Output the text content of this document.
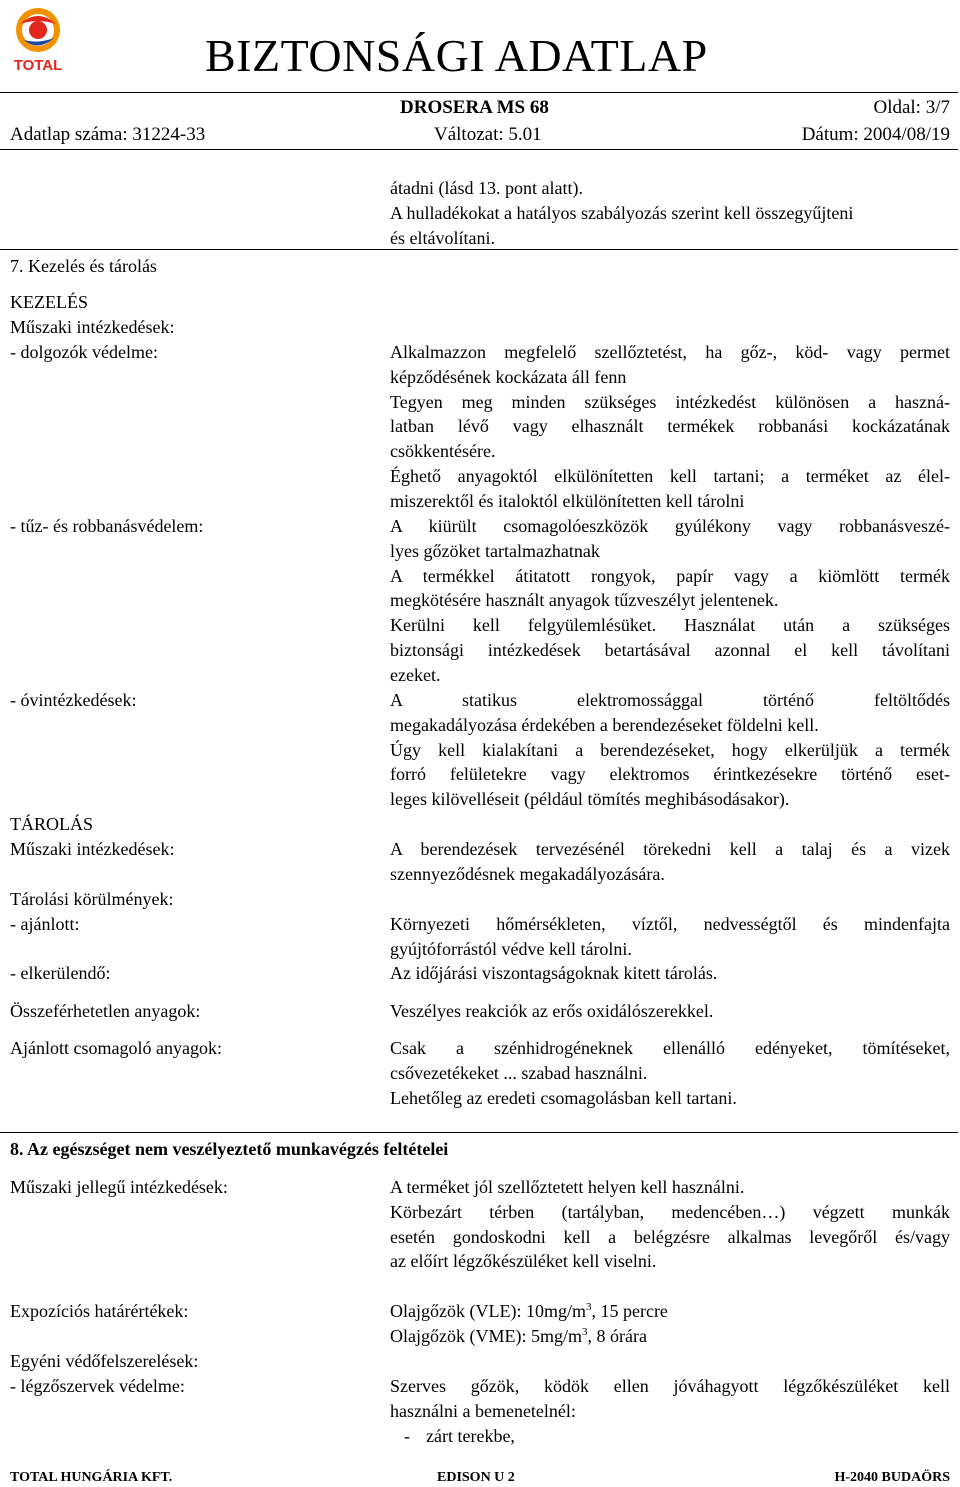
TOTAL	BIZTONSÁGI ADATLAP
DROSERA MS 68	Oldal: 3/7
Adatlap száma: 31224-33	Változat: 5.01	Dátum: 2004/08/19
átadni (lásd 13. pont alatt).
A hulladékokat a hatályos szabályozás szerint kell összegyűjteni
és eltávolítani.
7. Kezelés és tárolás
KEZELÉS
Műszaki intézkedések:
- dolgozók védelme:	Alkalmazzon megfelelő szellőztetést, ha gőz-, köd- vagy permet
képződésének kockázata áll fenn
Tegyen meg minden szükséges intézkedést különösen a haszná-
latban lévő vagy elhasznált termékek robbanási kockázatának
csökkentésére.
Éghető anyagoktól elkülönítetten kell tartani; a terméket az élel-
miszerektől és italoktól elkülönítetten kell tárolni
- tűz- és robbanásvédelem:	A kiürült csomagolóeszközök gyúlékony vagy robbanásveszé-
lyes gőzöket tartalmazhatnak
A termékkel átitatott rongyok, papír vagy a kiömlött termék
megkötésére használt anyagok tűzveszélyt jelentenek.
Kerülni kell felgyülemlésüket. Használat után a szükséges
biztonsági intézkedések betartásával azonnal el kell távolítani
ezeket.
- óvintézkedések:	A statikus elektromossággal történő feltöltődés
megakadályozása érdekében a berendezéseket földelni kell.
Úgy kell kialakítani a berendezéseket, hogy elkerüljük a termék
forró felületekre vagy elektromos érintkezésekre történő eset-
leges kilövelléseit (például tömítés meghibásodásakor).
TÁROLÁS
Műszaki intézkedések:	A berendezések tervezésénél törekedni kell a talaj és a vizek
szennyeződésnek megakadályozására.
Tárolási körülmények:
- ajánlott:	Környezeti hőmérsékleten, víztől, nedvességtől és mindenfajta
gyújtóforrástól védve kell tárolni.
- elkerülendő:	Az időjárási viszontagságoknak kitett tárolás.
Összeférhetetlen anyagok:	Veszélyes reakciók az erős oxidálószerekkel.
Ajánlott csomagoló anyagok:	Csak a szénhidrogéneknek ellenálló edényeket, tömítéseket,
csővezetékeket ... szabad használni.
Lehetőleg az eredeti csomagolásban kell tartani.
8. Az egészséget nem veszélyeztető munkavégzés feltételei
Műszaki jellegű intézkedések:	A terméket jól szellőztetett helyen kell használni.
Körbezárt térben (tartályban, medencében…) végzett munkák
esetén gondoskodni kell a belégzésre alkalmas levegőről és/vagy
az előírt légzőkészüléket kell viselni.
Expozíciós határértékek:	Olajgőzök (VLE): $10mg/m^3$, 15 percre
Olajgőzök (VME): $5mg/m^3$, 8 órára
Egyéni védőfelszerelések:
- légzőszervek védelme:	Szerves gőzök, ködök ellen jóváhagyott légzőkészüléket kell
használni a bemenetelnél:
- zárt terekbe,
TOTAL HUNGÁRIA KFT.	EDISON U 2	H-2040 BUDAÖRS
